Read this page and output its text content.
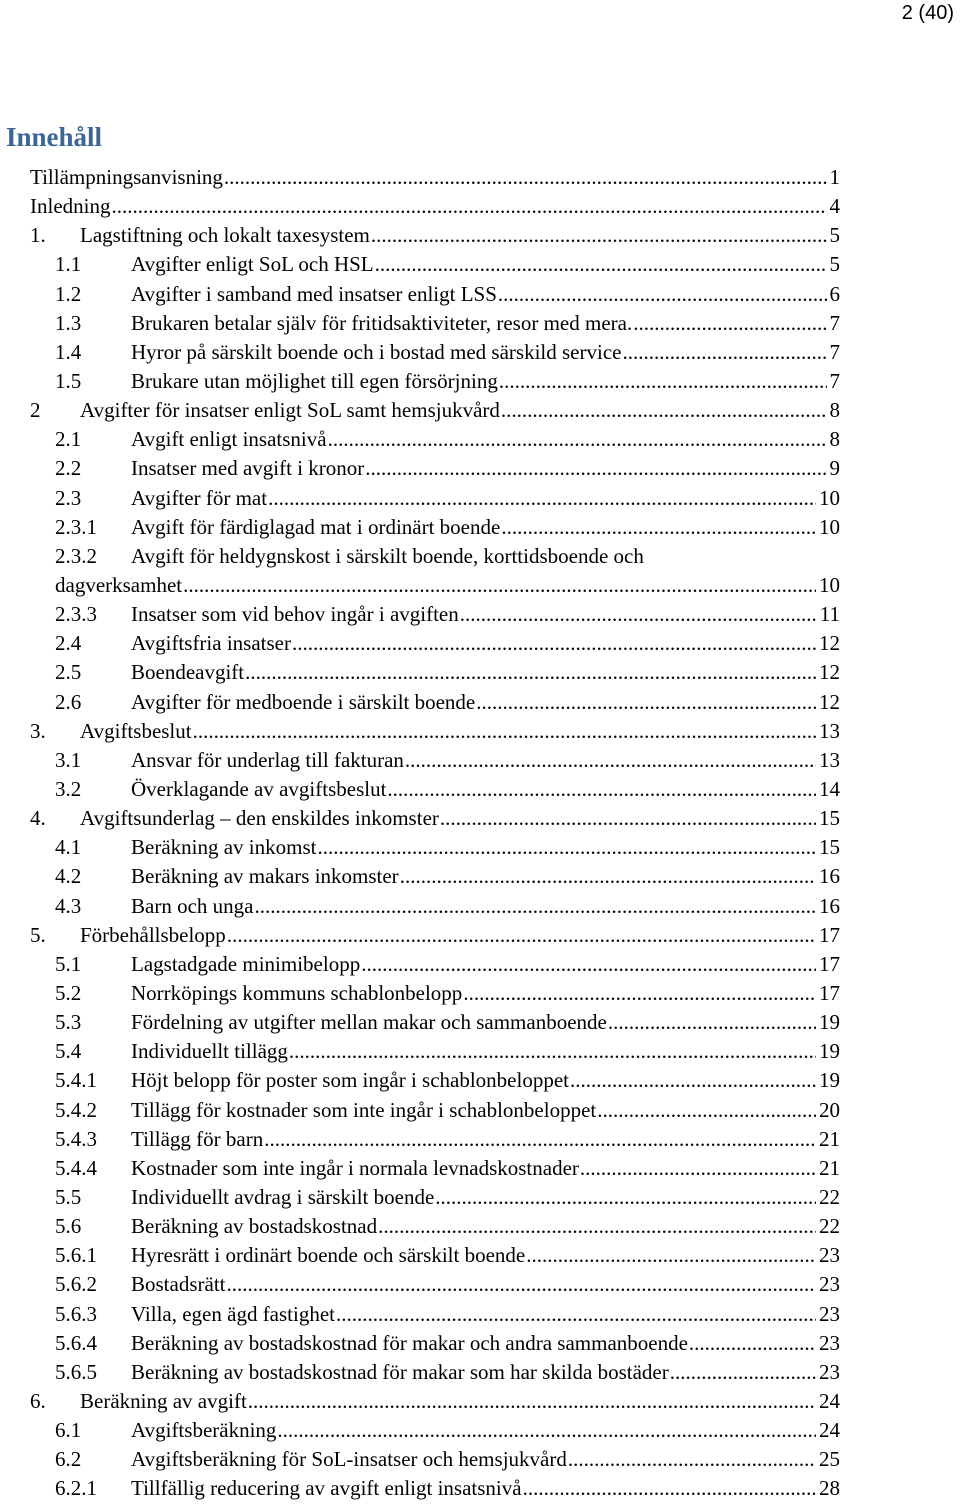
2 (40)
Innehåll
Tillämpningsanvisning .....	1
Inledning .....	4
1. Lagstiftning och lokalt taxesystem .....	5
1.1 Avgifter enligt SoL och HSL .....	5
1.2 Avgifter i samband med insatser enligt LSS .....	6
1.3 Brukaren betalar själv för fritidsaktiviteter, resor med mera. .....	7
1.4 Hyror på särskilt boende och i bostad med särskild service .....	7
1.5 Brukare utan möjlighet till egen försörjning .....	7
2 Avgifter för insatser enligt SoL samt hemsjukvård .....	8
2.1 Avgift enligt insatsnivå .....	8
2.2 Insatser med avgift i kronor .....	9
2.3 Avgifter för mat .....	10
2.3.1 Avgift för färdiglagad mat i ordinärt boende .....	10
2.3.2 Avgift för heldygnskost i särskilt boende, korttidsboende och
dagverksamhet .....	10
2.3.3 Insatser som vid behov ingår i avgiften .....	11
2.4 Avgiftsfria insatser .....	12
2.5 Boendeavgift .....	12
2.6 Avgifter för medboende i särskilt boende .....	12
3. Avgiftsbeslut .....	13
3.1 Ansvar för underlag till fakturan .....	13
3.2 Överklagande av avgiftsbeslut .....	14
4. Avgiftsunderlag – den enskildes inkomster .....	15
4.1 Beräkning av inkomst .....	15
4.2 Beräkning av makars inkomster .....	16
4.3 Barn och unga .....	16
5. Förbehållsbelopp .....	17
5.1 Lagstadgade minimibelopp .....	17
5.2 Norrköpings kommuns schablonbelopp .....	17
5.3 Fördelning av utgifter mellan makar och sammanboende .....	19
5.4 Individuellt tillägg .....	19
5.4.1 Höjt belopp för poster som ingår i schablonbeloppet .....	19
5.4.2 Tillägg för kostnader som inte ingår i schablonbeloppet .....	20
5.4.3 Tillägg för barn .....	21
5.4.4 Kostnader som inte ingår i normala levnadskostnader .....	21
5.5 Individuellt avdrag i särskilt boende .....	22
5.6 Beräkning av bostadskostnad .....	22
5.6.1 Hyresrätt i ordinärt boende och särskilt boende .....	23
5.6.2 Bostadsrätt .....	23
5.6.3 Villa, egen ägd fastighet .....	23
5.6.4 Beräkning av bostadskostnad för makar och andra sammanboende .....	23
5.6.5 Beräkning av bostadskostnad för makar som har skilda bostäder .....	23
6. Beräkning av avgift .....	24
6.1 Avgiftsberäkning .....	24
6.2 Avgiftsberäkning för SoL-insatser och hemsjukvård .....	25
6.2.1 Tillfällig reducering av avgift enligt insatsnivå .....	28
